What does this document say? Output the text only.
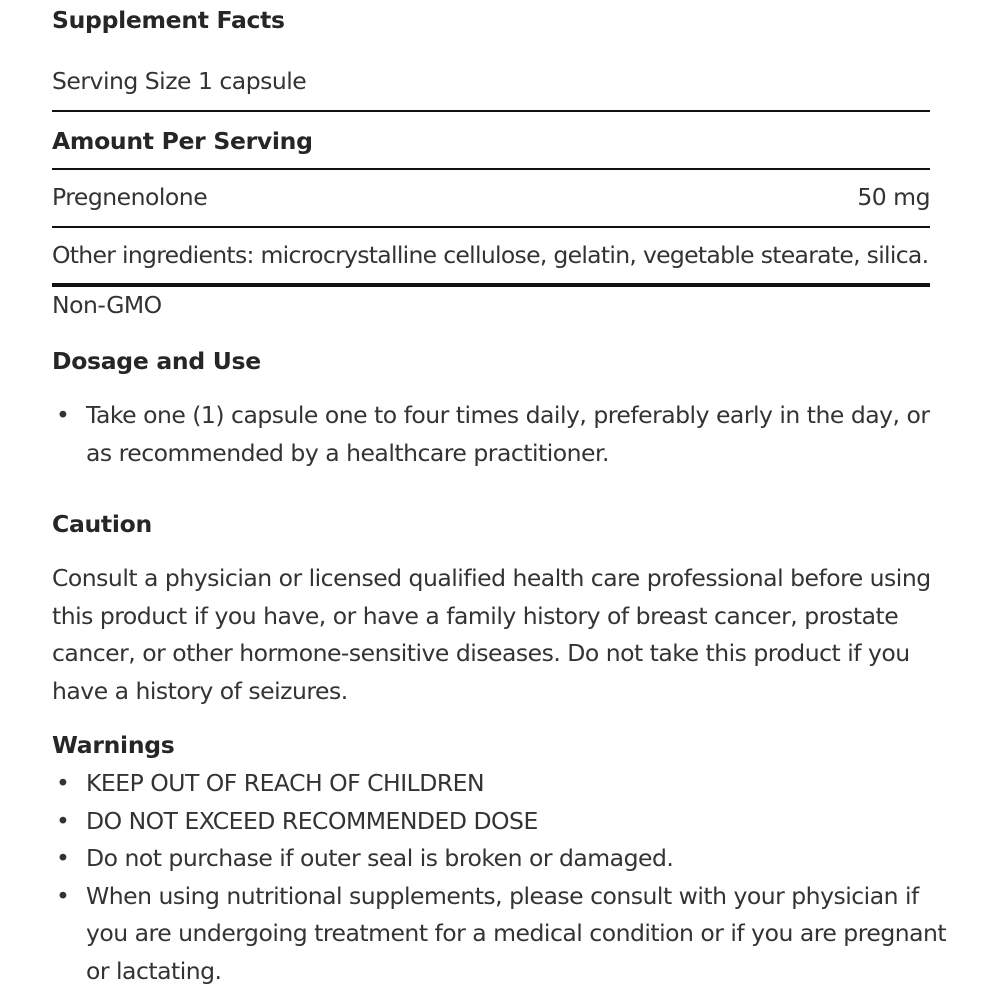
Supplement Facts
Serving Size 1 capsule
Amount Per Serving
Pregnenolone	50 mg
Other ingredients: microcrystalline cellulose, gelatin, vegetable stearate, silica.
Non-GMO
Dosage and Use
• Take one (1) capsule one to four times daily, preferably early in the day, or as recommended by a healthcare practitioner.
Caution
Consult a physician or licensed qualified health care professional before using this product if you have, or have a family history of breast cancer, prostate cancer, or other hormone-sensitive diseases. Do not take this product if you have a history of seizures.
Warnings
• KEEP OUT OF REACH OF CHILDREN
• DO NOT EXCEED RECOMMENDED DOSE
• Do not purchase if outer seal is broken or damaged.
• When using nutritional supplements, please consult with your physician if you are undergoing treatment for a medical condition or if you are pregnant or lactating.
